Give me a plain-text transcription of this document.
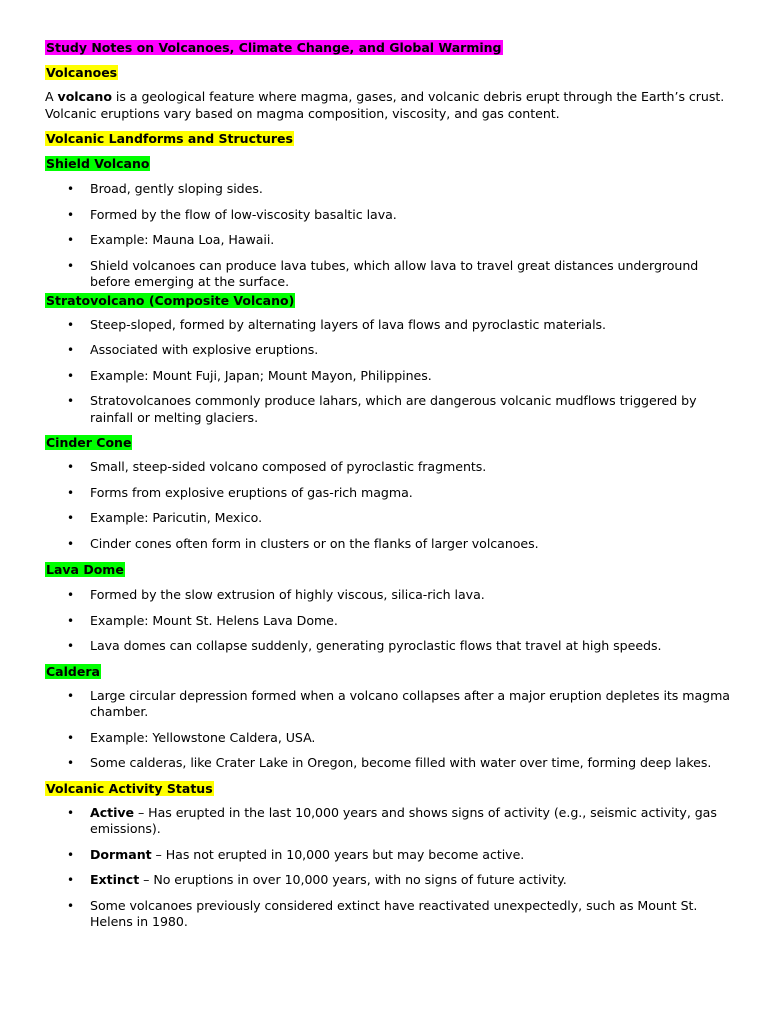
Study Notes on Volcanoes, Climate Change, and Global Warming
Volcanoes

A volcano is a geological feature where magma, gases, and volcanic debris erupt through the Earth’s crust. Volcanic eruptions vary based on magma composition, viscosity, and gas content.

Volcanic Landforms and Structures
Shield Volcano
• Broad, gently sloping sides.
• Formed by the flow of low-viscosity basaltic lava.
• Example: Mauna Loa, Hawaii.
• Shield volcanoes can produce lava tubes, which allow lava to travel great distances underground before emerging at the surface.
Stratovolcano (Composite Volcano)
• Steep-sloped, formed by alternating layers of lava flows and pyroclastic materials.
• Associated with explosive eruptions.
• Example: Mount Fuji, Japan; Mount Mayon, Philippines.
• Stratovolcanoes commonly produce lahars, which are dangerous volcanic mudflows triggered by rainfall or melting glaciers.
Cinder Cone
• Small, steep-sided volcano composed of pyroclastic fragments.
• Forms from explosive eruptions of gas-rich magma.
• Example: Paricutin, Mexico.
• Cinder cones often form in clusters or on the flanks of larger volcanoes.
Lava Dome
• Formed by the slow extrusion of highly viscous, silica-rich lava.
• Example: Mount St. Helens Lava Dome.
• Lava domes can collapse suddenly, generating pyroclastic flows that travel at high speeds.
Caldera
• Large circular depression formed when a volcano collapses after a major eruption depletes its magma chamber.
• Example: Yellowstone Caldera, USA.
• Some calderas, like Crater Lake in Oregon, become filled with water over time, forming deep lakes.
Volcanic Activity Status
• Active – Has erupted in the last 10,000 years and shows signs of activity (e.g., seismic activity, gas emissions).
• Dormant – Has not erupted in 10,000 years but may become active.
• Extinct – No eruptions in over 10,000 years, with no signs of future activity.
• Some volcanoes previously considered extinct have reactivated unexpectedly, such as Mount St. Helens in 1980.
